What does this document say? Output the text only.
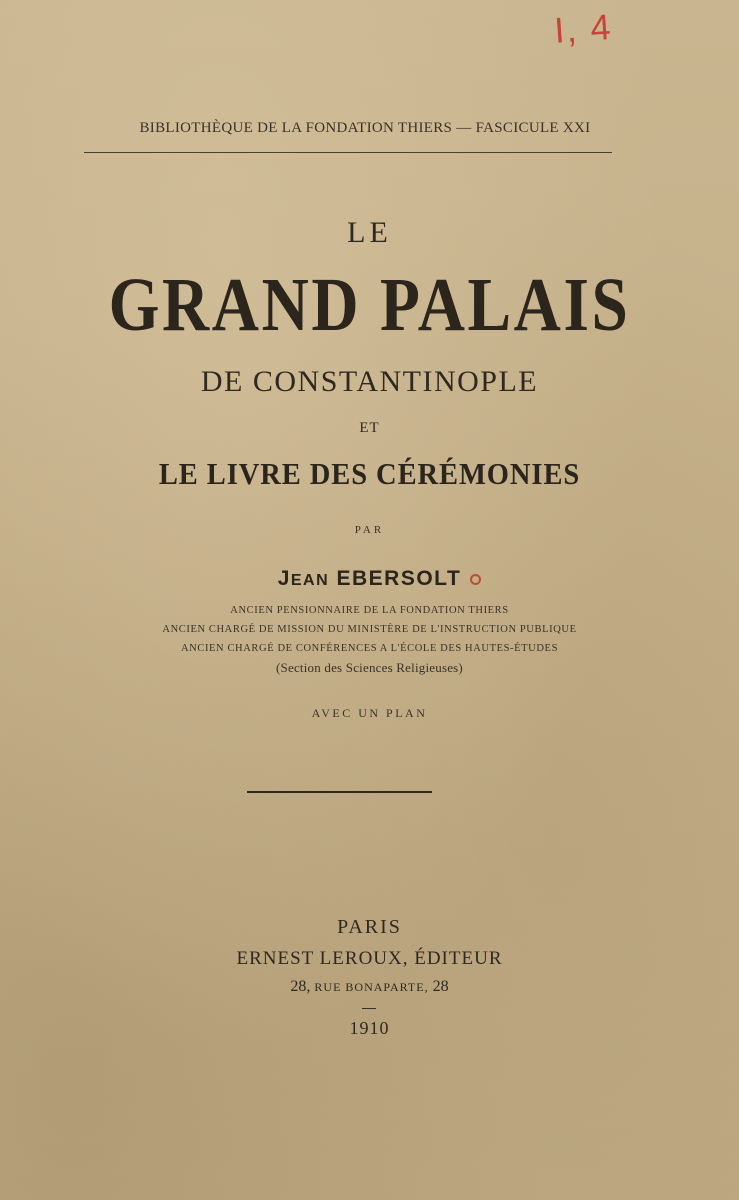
I, 4
BIBLIOTHÈQUE DE LA FONDATION THIERS — FASCICULE XXI
LE
GRAND PALAIS
DE CONSTANTINOPLE
ET
LE LIVRE DES CÉRÉMONIES
PAR
JEAN EBERSOLT
ANCIEN PENSIONNAIRE DE LA FONDATION THIERS
ANCIEN CHARGÉ DE MISSION DU MINISTÈRE DE L'INSTRUCTION PUBLIQUE
ANCIEN CHARGÉ DE CONFÉRENCES A L'ÉCOLE DES HAUTES-ÉTUDES
(Section des Sciences Religieuses)
AVEC UN PLAN
PARIS
ERNEST LEROUX, ÉDITEUR
28, RUE BONAPARTE, 28
1910
